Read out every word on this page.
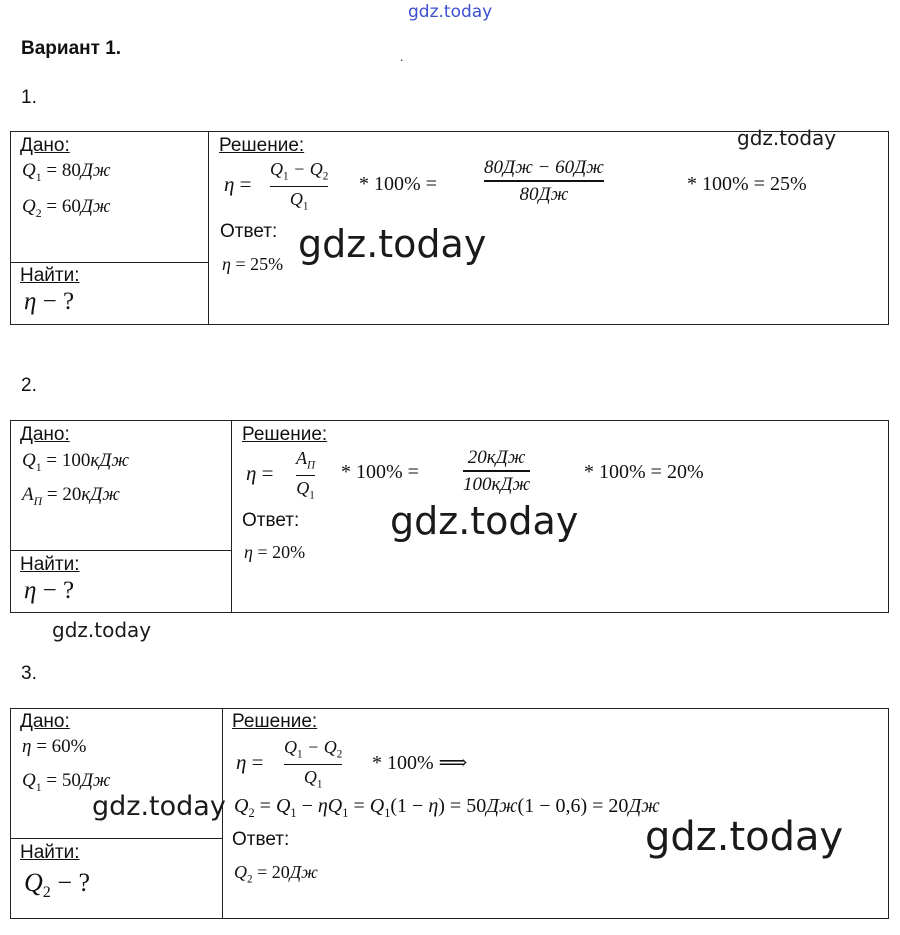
gdz.today
Вариант 1.	.
1.
Дано:
$Q_1 = 80Дж$
$Q_2 = 60Дж$
Найти:
η − ?
Решение:	gdz.today
η =
$Q_1 - Q_2$
$Q_1$
* 100% =
80Дж − 60Дж
80Дж	* 100% = 25%
Ответ:
η = 25% gdz.today
2.
Дано:
$Q_1 = 100кДж$
$A_П = 20кДж$
Найти:
η − ?
Решение:
η =
$A_П$
$Q_1$
* 100% =
20кДж
100кДж
* 100% = 20%
Ответ:
η = 20%
gdz.today
gdz.today
3.
Дано:
η = 60%
$Q_1 = 50Дж$
Найти:
$Q_2$ − ?
Решение:
η =
$Q_1 - Q_2$
$Q_1$
* 100% ⟹
$Q_2 = Q_1 - \eta Q_1 = Q_1(1 - \eta) = 50Дж(1 - 0,6) = 20Дж$
gdz.today
Ответ:
$Q_2 = 20Дж$
gdz.today
